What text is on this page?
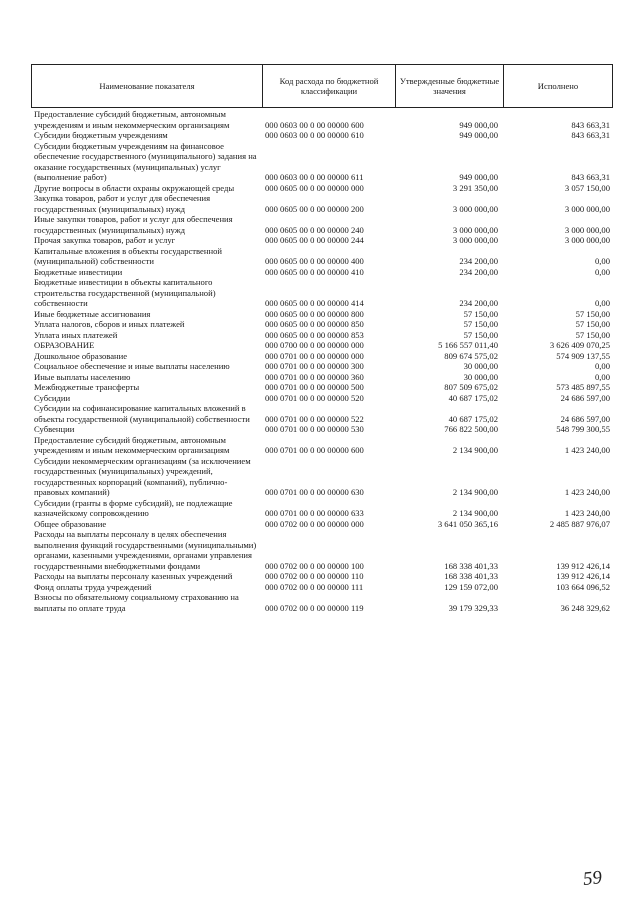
Наименование показателя	Код расхода по бюджетной классификации	Утвержденные бюджетные значения	Исполнено
Предоставление субсидий бюджетным, автономным учреждениям и иным некоммерческим организациям	000 0603 00 0 00 00000 600	949 000,00	843 663,31
Субсидии бюджетным учреждениям	000 0603 00 0 00 00000 610	949 000,00	843 663,31
Субсидии бюджетным учреждениям на финансовое обеспечение государственного (муниципального) задания на оказание государственных (муниципальных) услуг (выполнение работ)	000 0603 00 0 00 00000 611	949 000,00	843 663,31
Другие вопросы в области охраны окружающей среды	000 0605 00 0 00 00000 000	3 291 350,00	3 057 150,00
Закупка товаров, работ и услуг для обеспечения государственных (муниципальных) нужд	000 0605 00 0 00 00000 200	3 000 000,00	3 000 000,00
Иные закупки товаров, работ и услуг для обеспечения государственных (муниципальных) нужд	000 0605 00 0 00 00000 240	3 000 000,00	3 000 000,00
Прочая закупка товаров, работ и услуг	000 0605 00 0 00 00000 244	3 000 000,00	3 000 000,00
Капитальные вложения в объекты государственной (муниципальной) собственности	000 0605 00 0 00 00000 400	234 200,00	0,00
Бюджетные инвестиции	000 0605 00 0 00 00000 410	234 200,00	0,00
Бюджетные инвестиции в объекты капитального строительства государственной (муниципальной) собственности	000 0605 00 0 00 00000 414	234 200,00	0,00
Иные бюджетные ассигнования	000 0605 00 0 00 00000 800	57 150,00	57 150,00
Уплата налогов, сборов и иных платежей	000 0605 00 0 00 00000 850	57 150,00	57 150,00
Уплата иных платежей	000 0605 00 0 00 00000 853	57 150,00	57 150,00
ОБРАЗОВАНИЕ	000 0700 00 0 00 00000 000	5 166 557 011,40	3 626 409 070,25
Дошкольное образование	000 0701 00 0 00 00000 000	809 674 575,02	574 909 137,55
Социальное обеспечение и иные выплаты населению	000 0701 00 0 00 00000 300	30 000,00	0,00
Иные выплаты населению	000 0701 00 0 00 00000 360	30 000,00	0,00
Межбюджетные трансферты	000 0701 00 0 00 00000 500	807 509 675,02	573 485 897,55
Субсидии	000 0701 00 0 00 00000 520	40 687 175,02	24 686 597,00
Субсидии на софинансирование капитальных вложений в объекты государственной (муниципальной) собственности	000 0701 00 0 00 00000 522	40 687 175,02	24 686 597,00
Субвенции	000 0701 00 0 00 00000 530	766 822 500,00	548 799 300,55
Предоставление субсидий бюджетным, автономным учреждениям и иным некоммерческим организациям	000 0701 00 0 00 00000 600	2 134 900,00	1 423 240,00
Субсидии некоммерческим организациям (за исключением государственных (муниципальных) учреждений, государственных корпораций (компаний), публично-правовых компаний)	000 0701 00 0 00 00000 630	2 134 900,00	1 423 240,00
Субсидии (гранты в форме субсидий), не подлежащие казначейскому сопровождению	000 0701 00 0 00 00000 633	2 134 900,00	1 423 240,00
Общее образование	000 0702 00 0 00 00000 000	3 641 050 365,16	2 485 887 976,07
Расходы на выплаты персоналу в целях обеспечения выполнения функций государственными (муниципальными) органами, казенными учреждениями, органами управления государственными внебюджетными фондами	000 0702 00 0 00 00000 100	168 338 401,33	139 912 426,14
Расходы на выплаты персоналу казенных учреждений	000 0702 00 0 00 00000 110	168 338 401,33	139 912 426,14
Фонд оплаты труда учреждений	000 0702 00 0 00 00000 111	129 159 072,00	103 664 096,52
Взносы по обязательному социальному страхованию на выплаты по оплате труда	000 0702 00 0 00 00000 119	39 179 329,33	36 248 329,62
59
